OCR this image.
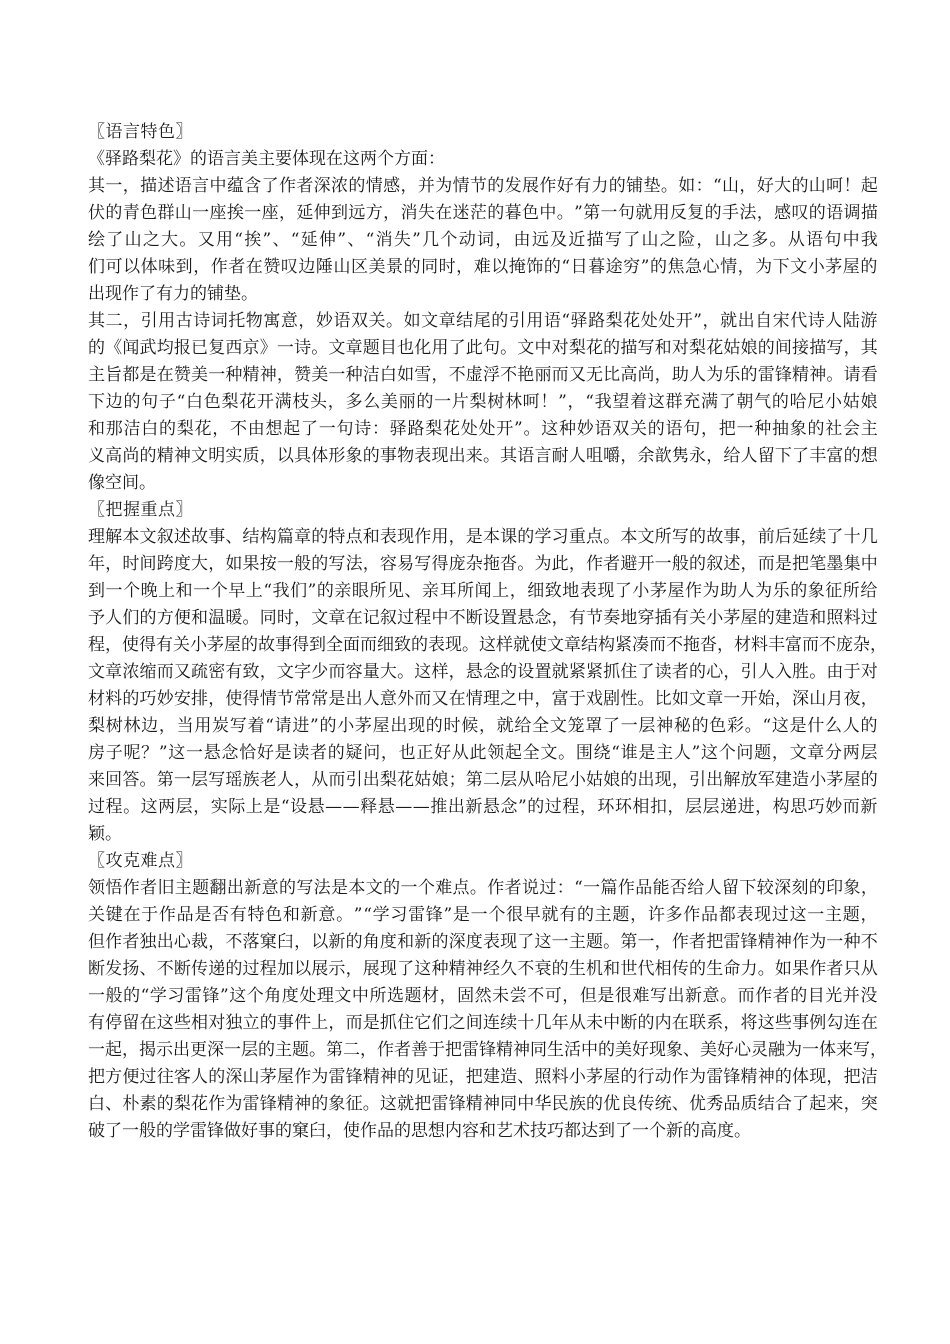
〖语言特色〗
《驿路梨花》的语言美主要体现在这两个方面：
其 一 ， 描 述 语 言 中 蕴 含 了 作 者 深 浓 的 情 感 ， 并 为 情 节 的 发 展 作 好 有 力 的 铺 垫 。 如 ： “ 山 ， 好 大 的 山 呵 ！ 起
伏 的 青 色 群 山 一 座 挨 一 座 ， 延 伸 到 远 方 ， 消 失 在 迷 茫 的 暮 色 中 。 ” 第 一 句 就 用 反 复 的 手 法 ， 感 叹 的 语 调 描
绘 了 山 之 大 。 又 用 “ 挨 ” 、 “ 延 伸 ” 、 “ 消 失 ” 几 个 动 词 ， 由 远 及 近 描 写 了 山 之 险 ， 山 之 多 。 从 语 句 中 我
们 可 以 体 味 到 ， 作 者 在 赞 叹 边 陲 山 区 美 景 的 同 时 ， 难 以 掩 饰 的 “ 日 暮 途 穷 ” 的 焦 急 心 情 ， 为 下 文 小 茅 屋 的
出现作了有力的铺垫。
其 二 ， 引 用 古 诗 词 托 物 寓 意 ， 妙 语 双 关 。 如 文 章 结 尾 的 引 用 语 “ 驿 路 梨 花 处 处 开 ” ， 就 出 自 宋 代 诗 人 陆 游
的 《 闻 武 均 报 已 复 西 京 》 一 诗 。 文 章 题 目 也 化 用 了 此 句 。 文 中 对 梨 花 的 描 写 和 对 梨 花 姑 娘 的 间 接 描 写 ， 其
主 旨 都 是 在 赞 美 一 种 精 神 ， 赞 美 一 种 洁 白 如 雪 ， 不 虚 浮 不 艳 丽 而 又 无 比 高 尚 ， 助 人 为 乐 的 雷 锋 精 神 。 请 看
下 边 的 句 子 “ 白 色 梨 花 开 满 枝 头 ， 多 么 美 丽 的 一 片 梨 树 林 呵 ！ ” ， “ 我 望 着 这 群 充 满 了 朝 气 的 哈 尼 小 姑 娘
和 那 洁 白 的 梨 花 ， 不 由 想 起 了 一 句 诗 ： 驿 路 梨 花 处 处 开 ” 。 这 种 妙 语 双 关 的 语 句 ， 把 一 种 抽 象 的 社 会 主
义 高 尚 的 精 神 文 明 实 质 ， 以 具 体 形 象 的 事 物 表 现 出 来 。 其 语 言 耐 人 咀 嚼 ， 余 歆 隽 永 ， 给 人 留 下 了 丰 富 的 想
像空间。
〖把握重点〗
理 解 本 文 叙 述 故 事 、 结 构 篇 章 的 特 点 和 表 现 作 用 ， 是 本 课 的 学 习 重 点 。 本 文 所 写 的 故 事 ， 前 后 延 续 了 十 几
年 ， 时 间 跨 度 大 ， 如 果 按 一 般 的 写 法 ， 容 易 写 得 庞 杂 拖 沓 。 为 此 ， 作 者 避 开 一 般 的 叙 述 ， 而 是 把 笔 墨 集 中
到 一 个 晚 上 和 一 个 早 上 “ 我 们 ” 的 亲 眼 所 见 、 亲 耳 所 闻 上 ， 细 致 地 表 现 了 小 茅 屋 作 为 助 人 为 乐 的 象 征 所 给
予 人 们 的 方 便 和 温 暖 。 同 时 ， 文 章 在 记 叙 过 程 中 不 断 设 置 悬 念 ， 有 节 奏 地 穿 插 有 关 小 茅 屋 的 建 造 和 照 料 过
程 ， 使 得 有 关 小 茅 屋 的 故 事 得 到 全 面 而 细 致 的 表 现 。 这 样 就 使 文 章 结 构 紧 凑 而 不 拖 沓 ， 材 料 丰 富 而 不 庞 杂 ，
文 章 浓 缩 而 又 疏 密 有 致 ， 文 字 少 而 容 量 大 。 这 样 ， 悬 念 的 设 置 就 紧 紧 抓 住 了 读 者 的 心 ， 引 人 入 胜 。 由 于 对
材 料 的 巧 妙 安 排 ， 使 得 情 节 常 常 是 出 人 意 外 而 又 在 情 理 之 中 ， 富 于 戏 剧 性 。 比 如 文 章 一 开 始 ， 深 山 月 夜 ，
梨 树 林 边 ， 当 用 炭 写 着 “ 请 进 ” 的 小 茅 屋 出 现 的 时 候 ， 就 给 全 文 笼 罩 了 一 层 神 秘 的 色 彩 。 “ 这 是 什 么 人 的
房 子 呢 ？ ” 这 一 悬 念 恰 好 是 读 者 的 疑 问 ， 也 正 好 从 此 领 起 全 文 。 围 绕 “ 谁 是 主 人 ” 这 个 问 题 ， 文 章 分 两 层
来 回 答 。 第 一 层 写 瑶 族 老 人 ， 从 而 引 出 梨 花 姑 娘 ； 第 二 层 从 哈 尼 小 姑 娘 的 出 现 ， 引 出 解 放 军 建 造 小 茅 屋 的
过 程 。 这 两 层 ， 实 际 上 是 “ 设 悬 — — 释 悬 — — 推 出 新 悬 念 ” 的 过 程 ， 环 环 相 扣 ， 层 层 递 进 ， 构 思 巧 妙 而 新
颖。
〖攻克难点〗
领 悟 作 者 旧 主 题 翻 出 新 意 的 写 法 是 本 文 的 一 个 难 点 。 作 者 说 过 ： “ 一 篇 作 品 能 否 给 人 留 下 较 深 刻 的 印 象 ，
关 键 在 于 作 品 是 否 有 特 色 和 新 意 。 ” “ 学 习 雷 锋 ” 是 一 个 很 早 就 有 的 主 题 ， 许 多 作 品 都 表 现 过 这 一 主 题 ，
但 作 者 独 出 心 裁 ， 不 落 窠 臼 ， 以 新 的 角 度 和 新 的 深 度 表 现 了 这 一 主 题 。 第 一 ， 作 者 把 雷 锋 精 神 作 为 一 种 不
断 发 扬 、 不 断 传 递 的 过 程 加 以 展 示 ， 展 现 了 这 种 精 神 经 久 不 衰 的 生 机 和 世 代 相 传 的 生 命 力 。 如 果 作 者 只 从
一 般 的 “ 学 习 雷 锋 ” 这 个 角 度 处 理 文 中 所 选 题 材 ， 固 然 未 尝 不 可 ， 但 是 很 难 写 出 新 意 。 而 作 者 的 目 光 并 没
有 停 留 在 这 些 相 对 独 立 的 事 件 上 ， 而 是 抓 住 它 们 之 间 连 续 十 几 年 从 未 中 断 的 内 在 联 系 ， 将 这 些 事 例 勾 连 在
一 起 ， 揭 示 出 更 深 一 层 的 主 题 。 第 二 ， 作 者 善 于 把 雷 锋 精 神 同 生 活 中 的 美 好 现 象 、 美 好 心 灵 融 为 一 体 来 写 ，
把 方 便 过 往 客 人 的 深 山 茅 屋 作 为 雷 锋 精 神 的 见 证 ， 把 建 造 、 照 料 小 茅 屋 的 行 动 作 为 雷 锋 精 神 的 体 现 ， 把 洁
白 、 朴 素 的 梨 花 作 为 雷 锋 精 神 的 象 征 。 这 就 把 雷 锋 精 神 同 中 华 民 族 的 优 良 传 统 、 优 秀 品 质 结 合 了 起 来 ， 突
破了一般的学雷锋做好事的窠臼，使作品的思想内容和艺术技巧都达到了一个新的高度。
